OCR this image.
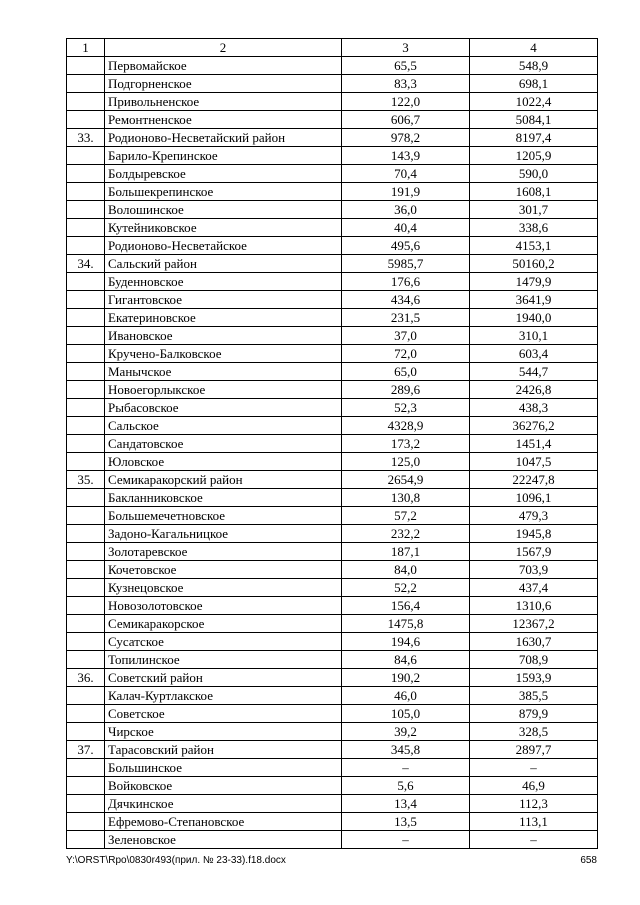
1	2	3	4
	Первомайское	65,5	548,9
	Подгорненское	83,3	698,1
	Привольненское	122,0	1022,4
	Ремонтненское	606,7	5084,1
33.	Родионово-Несветайский район	978,2	8197,4
	Барило-Крепинское	143,9	1205,9
	Болдыревское	70,4	590,0
	Большекрепинское	191,9	1608,1
	Волошинское	36,0	301,7
	Кутейниковское	40,4	338,6
	Родионово-Несветайское	495,6	4153,1
34.	Сальский район	5985,7	50160,2
	Буденновское	176,6	1479,9
	Гигантовское	434,6	3641,9
	Екатериновское	231,5	1940,0
	Ивановское	37,0	310,1
	Кручено-Балковское	72,0	603,4
	Манычское	65,0	544,7
	Новоегорлыкское	289,6	2426,8
	Рыбасовское	52,3	438,3
	Сальское	4328,9	36276,2
	Сандатовское	173,2	1451,4
	Юловское	125,0	1047,5
35.	Семикаракорский район	2654,9	22247,8
	Бакланниковское	130,8	1096,1
	Большемечетновское	57,2	479,3
	Задоно-Кагальницкое	232,2	1945,8
	Золотаревское	187,1	1567,9
	Кочетовское	84,0	703,9
	Кузнецовское	52,2	437,4
	Новозолотовское	156,4	1310,6
	Семикаракорское	1475,8	12367,2
	Сусатское	194,6	1630,7
	Топилинское	84,6	708,9
36.	Советский район	190,2	1593,9
	Калач-Куртлакское	46,0	385,5
	Советское	105,0	879,9
	Чирское	39,2	328,5
37.	Тарасовский район	345,8	2897,7
	Большинское	–	–
	Войковское	5,6	46,9
	Дячкинское	13,4	112,3
	Ефремово-Степановское	13,5	113,1
	Зеленовское	–	–
Y:\ORST\Rpo\0830r493(прил. № 23-33).f18.docx	658
